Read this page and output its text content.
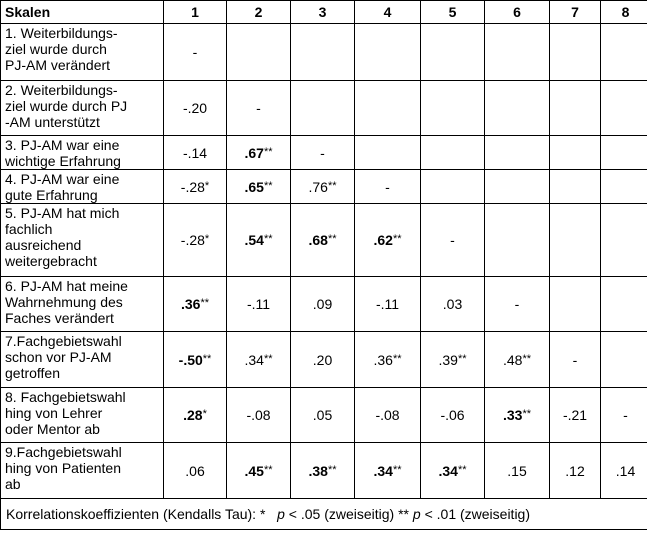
Skalen	1	2	3	4	5	6	7	8

1. Weiterbildungs-
ziel wurde durch
PJ-AM verändert	-							

2. Weiterbildungs-
ziel wurde durch PJ
-AM unterstützt	-.20	-						

3. PJ-AM war eine
wichtige Erfahrung	-.14	.67**	-					

4. PJ-AM war eine
gute Erfahrung	-.28*	.65**	.76**	-				

5. PJ-AM hat mich
fachlich
ausreichend
weitergebracht	-.28*	.54**	.68**	.62**	-			

6. PJ-AM hat meine
Wahrnehmung des
Faches verändert	.36**	-.11	.09	-.11	.03	-		

7.Fachgebietswahl
schon vor PJ-AM
getroffen	-.50**	.34**	.20	.36**	.39**	.48**	-	

8. Fachgebietswahl
hing von Lehrer
oder Mentor ab	.28*	-.08	.05	-.08	-.06	.33**	-.21	-

9.Fachgebietswahl
hing von Patienten
ab	.06	.45**	.38**	.34**	.34**	.15	.12	.14
Korrelationskoeffizienten (Kendalls Tau): * p < .05 (zweiseitig) ** p < .01 (zweiseitig)								
